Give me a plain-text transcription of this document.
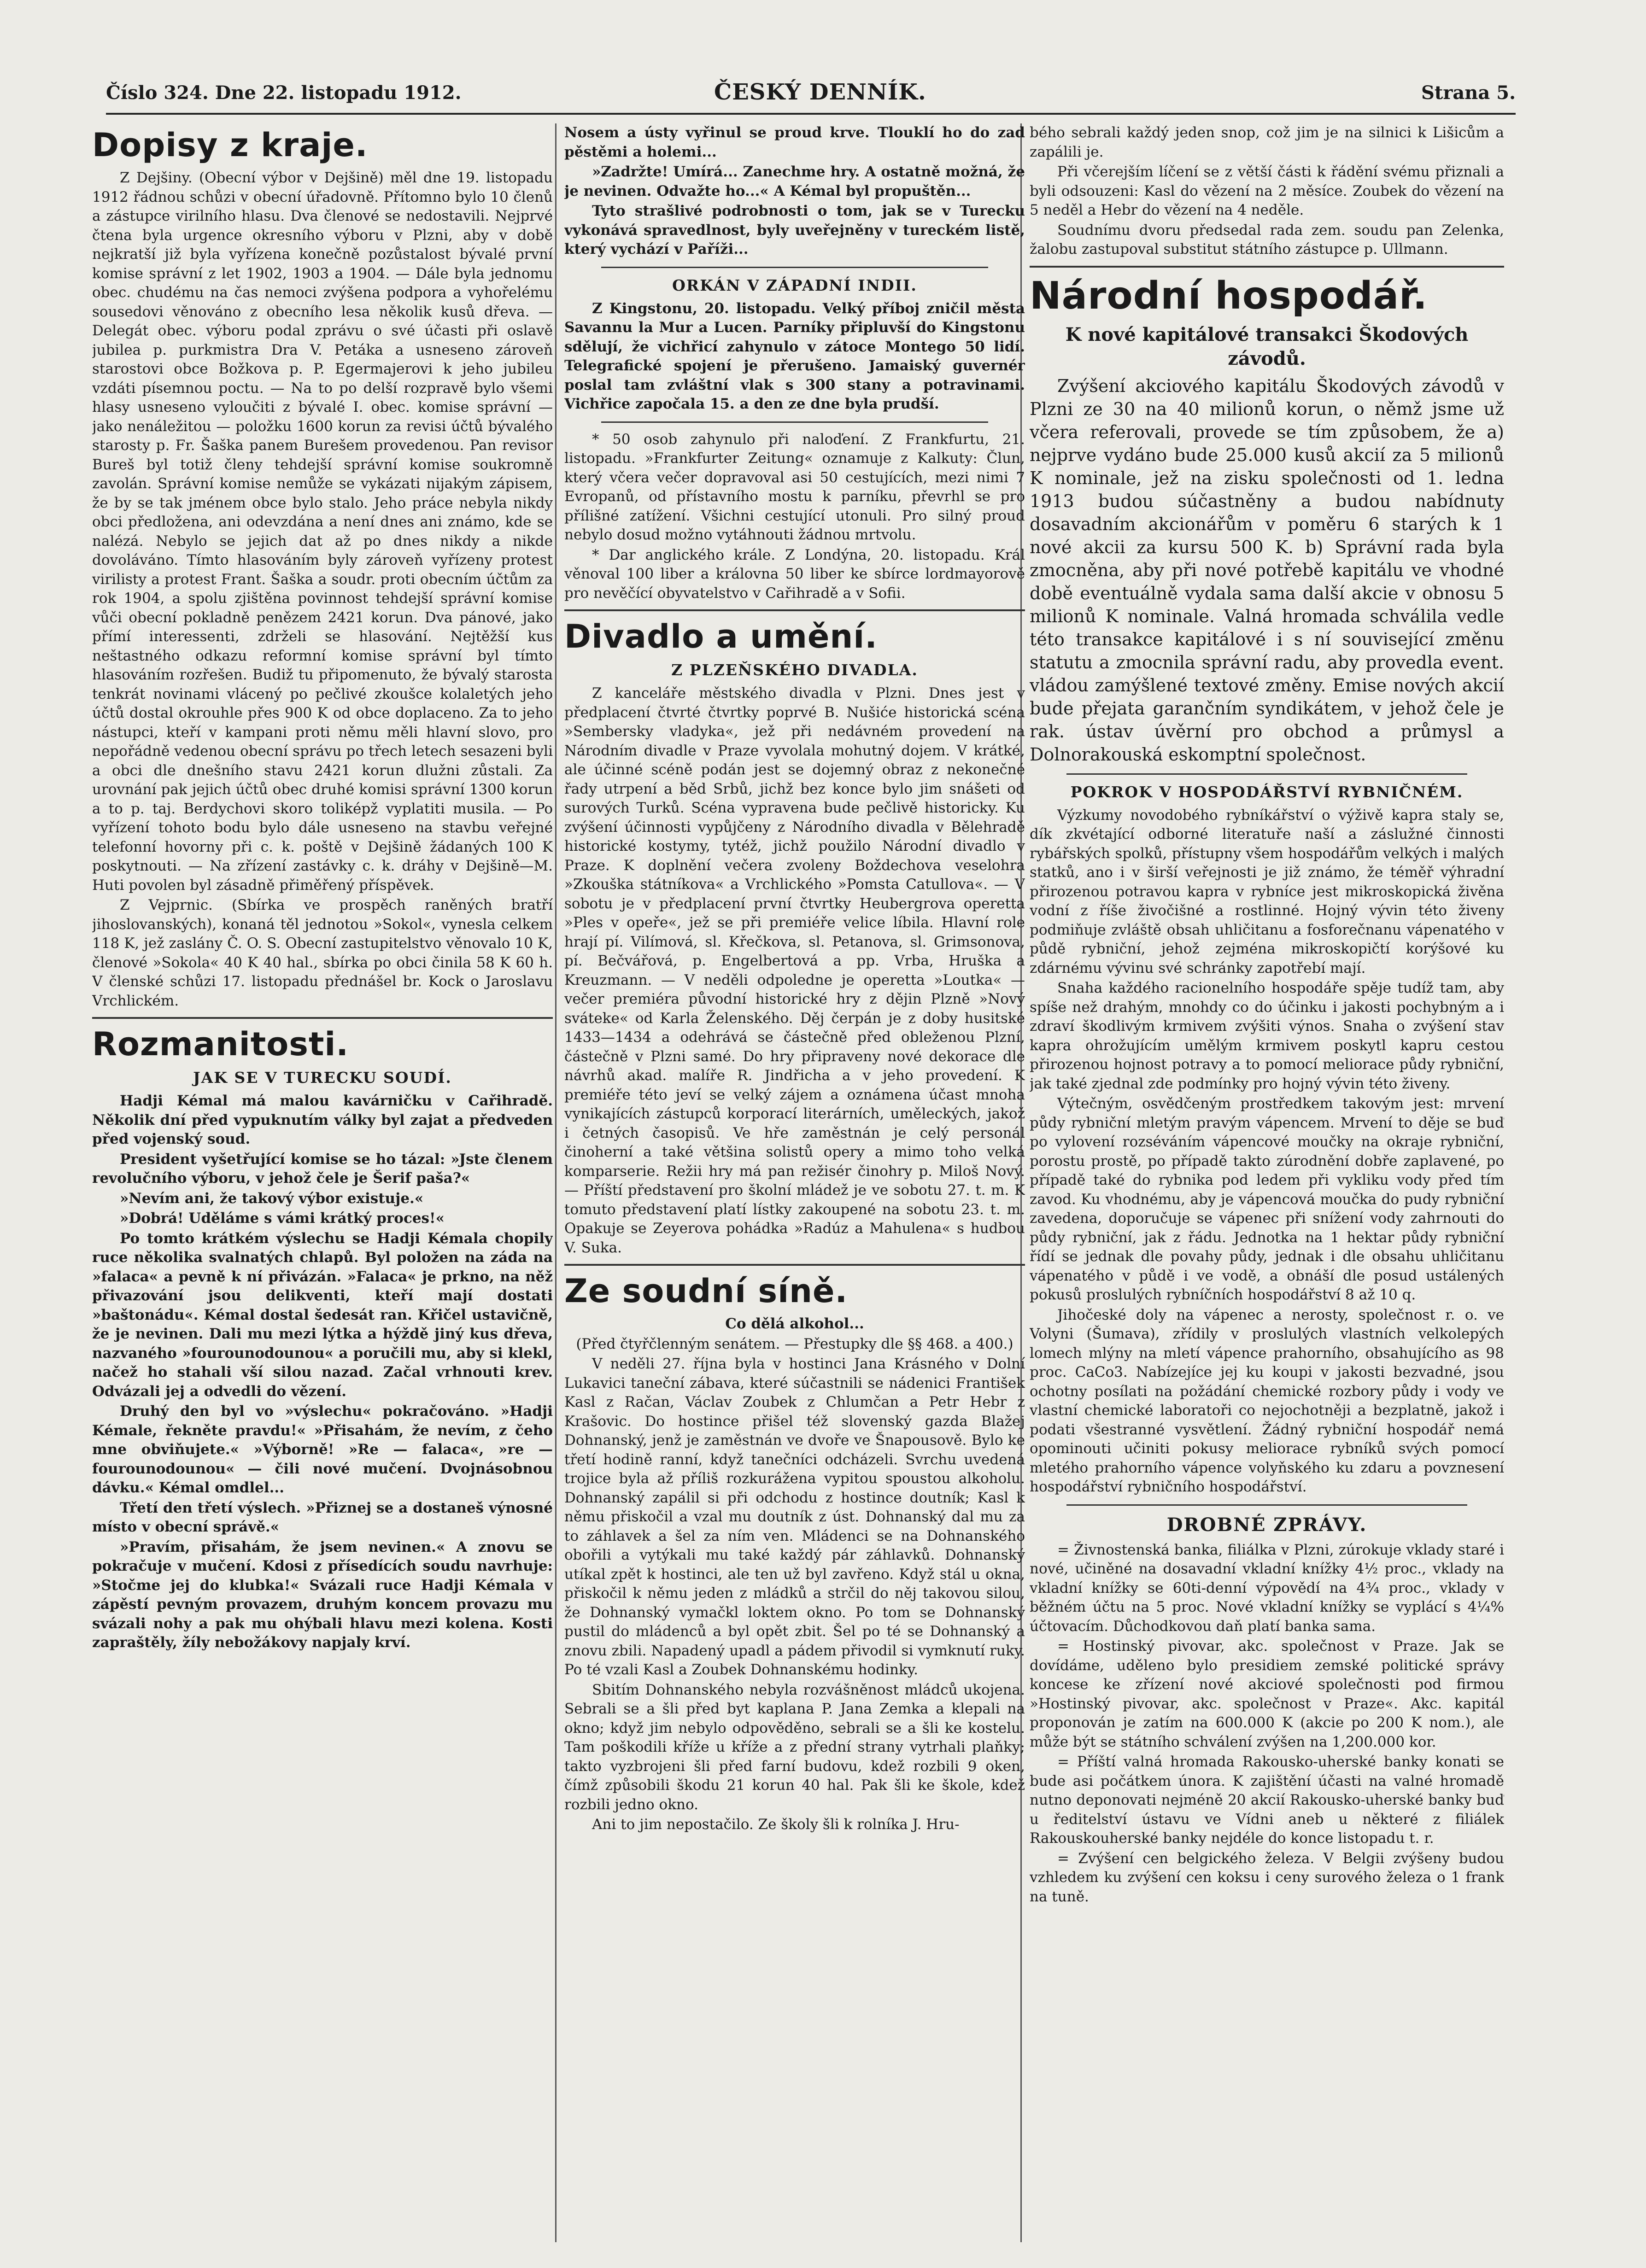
Číslo 324. Dne 22. listopadu 1912.	ČESKÝ DENNÍK.	Strana 5.
Dopisy z kraje.

Z Dejšiny. (Obecní výbor v Dejšině) měl dne 19. listopadu 1912 řádnou schůzi v obecní úřadovně. Přítomno bylo 10 členů a zástupce virilního hlasu. Dva členové se nedostavili. Nejprvé čtena byla urgence okresního výboru v Plzni, aby v době nejkratší již byla vyřízena konečně pozůstalost bývalé první komise správní z let 1902, 1903 a 1904. — Dále byla jednomu obec. chudému na čas nemoci zvýšena podpora a vyhořelému sousedovi věnováno z obecního lesa několik kusů dřeva. — Delegát obec. výboru podal zprávu o své účasti při oslavě jubilea p. purkmistra Dra V. Petáka a usneseno zároveň starostovi obce Božkova p. P. Egermajerovi k jeho jubileu vzdáti písemnou poctu. — Na to po delší rozpravě bylo všemi hlasy usneseno vyloučiti z bývalé I. obec. komise správní — jako nenáležitou — položku 1600 korun za revisi účtů bývalého starosty p. Fr. Šaška panem Burešem provedenou. Pan revisor Bureš byl totiž členy tehdejší správní komise soukromně zavolán. Správní komise nemůže se vykázati nijakým zápisem, že by se tak jménem obce bylo stalo. Jeho práce nebyla nikdy obci předložena, ani odevzdána a není dnes ani známo, kde se nalézá. Nebylo se jejich dat až po dnes nikdy a nikde dovoláváno. Tímto hlasováním byly zároveň vyřízeny protest virilisty a protest Frant. Šaška a soudr. proti obecním účtům za rok 1904, a spolu zjištěna povinnost tehdejší správní komise vůči obecní pokladně penězem 2421 korun. Dva pánové, jako přímí interessenti, zdrželi se hlasování. Nejtěžší kus neštastného odkazu reformní komise správní byl tímto hlasováním rozřešen. Budiž tu připomenuto, že bývalý starosta tenkrát novinami vlácený po pečlivé zkoušce kolaletých jeho účtů dostal okrouhle přes 900 K od obce doplaceno. Za to jeho nástupci, kteří v kampani proti němu měli hlavní slovo, pro nepořádně vedenou obecní správu po třech letech sesazeni byli a obci dle dnešního stavu 2421 korun dlužni zůstali. Za urovnání pak jejich účtů obec druhé komisi správní 1300 korun a to p. taj. Berdychovi skoro toliképž vyplatiti musila. — Po vyřízení tohoto bodu bylo dále usneseno na stavbu veřejné telefonní hovorny při c. k. poště v Dejšině žádaných 100 K poskytnouti. — Na zřízení zastávky c. k. dráhy v Dejšině—M. Huti povolen byl zásadně přiměřený příspěvek.

Z Vejprnic. (Sbírka ve prospěch raněných bratří jihoslovanských), konaná těl jednotou »Sokol«, vynesla celkem 118 K, jež zaslány Č. O. S. Obecní zastupitelstvo věnovalo 10 K, členové »Sokola« 40 K 40 hal., sbírka po obci činila 58 K 60 h. V členské schůzi 17. listopadu přednášel br. Kock o Jaroslavu Vrchlickém.

Rozmanitosti.
JAK SE V TURECKU SOUDÍ.

Hadji Kémal má malou kavárničku v Cařihradě. Několik dní před vypuknutím války byl zajat a předveden před vojenský soud.

President vyšetřující komise se ho tázal: »Jste členem revolučního výboru, v jehož čele je Šerif paša?«

»Nevím ani, že takový výbor existuje.«

»Dobrá! Uděláme s vámi krátký proces!«

Po tomto krátkém výslechu se Hadji Kémala chopily ruce několika svalnatých chlapů. Byl položen na záda na »falaca« a pevně k ní přivázán. »Falaca« je prkno, na něž přivazování jsou delikventi, kteří mají dostati »baštonádu«. Kémal dostal šedesát ran. Křičel ustavičně, že je nevinen. Dali mu mezi lýtka a hýždě jiný kus dřeva, nazvaného »fourounodounou« a poručili mu, aby si klekl, načež ho stahali vší silou nazad. Začal vrhnouti krev. Odvázali jej a odvedli do vězení.

Druhý den byl vo »výslechu« pokračováno. »Hadji Kémale, řekněte pravdu!« »Přisahám, že nevím, z čeho mne obviňujete.« »Výborně! »Re — falaca«, »re — fourounodounou« — čili nové mučení. Dvojnásobnou dávku.« Kémal omdlel...

Třetí den třetí výslech. »Přiznej se a dostaneš výnosné místo v obecní správě.«

»Pravím, přisahám, že jsem nevinen.« A znovu se pokračuje v mučení. Kdosi z přísedících soudu navrhuje: »Stočme jej do klubka!« Svázali ruce Hadji Kémala v zápěstí pevným provazem, druhým koncem provazu mu svázali nohy a pak mu ohýbali hlavu mezi kolena. Kosti zapraštěly, žíly nebožákovy napjaly krví.

Nosem a ústy vyřinul se proud krve. Tlouklí ho do zad pěstěmi a holemi...

»Zadržte! Umírá... Zanechme hry. A ostatně možná, že je nevinen. Odvažte ho...« A Kémal byl propuštěn...

Tyto strašlivé podrobnosti o tom, jak se v Turecku vykonává spravedlnost, byly uveřejněny v tureckém listě, který vychází v Paříži...

ORKÁN V ZÁPADNÍ INDII.

Z Kingstonu, 20. listopadu. Velký příboj zničil města Savannu la Mur a Lucen. Parníky připluvší do Kingstonu sdělují, že vichřicí zahynulo v zátoce Montego 50 lidí. Telegrafické spojení je přerušeno. Jamaiský guvernér poslal tam zvláštní vlak s 300 stany a potravinami. Vichřice započala 15. a den ze dne byla prudší.

* 50 osob zahynulo při naloďení. Z Frankfurtu, 21. listopadu. »Frankfurter Zeitung« oznamuje z Kalkuty: Člun, který včera večer dopravoval asi 50 cestujících, mezi nimi 7 Evropanů, od přístavního mostu k parníku, převrhl se pro přílišné zatížení. Všichni cestující utonuli. Pro silný proud nebylo dosud možno vytáhnouti žádnou mrtvolu.

* Dar anglického krále. Z Londýna, 20. listopadu. Král věnoval 100 liber a královna 50 liber ke sbírce lordmayorově pro nevěčící obyvatelstvo v Cařihradě a v Sofii.

Divadlo a umění.
Z PLZEŇSKÉHO DIVADLA.

Z kanceláře městského divadla v Plzni. Dnes jest v předplacení čtvrté čtvrtky poprvé B. Nušiće historická scéna »Sembersky vladyka«, jež při nedávném provedení na Národním divadle v Praze vyvolala mohutný dojem. V krátké, ale účinné scéně podán jest se dojemný obraz z nekonečné řady utrpení a běd Srbů, jichž bez konce bylo jim snášeti od surových Turků. Scéna vypravena bude pečlivě historicky. Ku zvýšení účinnosti vypůjčeny z Národního divadla v Bělehradě historické kostymy, tytéž, jichž použilo Národní divadlo v Praze. K doplnění večera zvoleny Boždechova veselohra »Zkouška státníkova« a Vrchlického »Pomsta Catullova«. — V sobotu je v předplacení první čtvrtky Heubergrova operetta »Ples v opeře«, jež se při premiéře velice líbila. Hlavní role hrají pí. Vilímová, sl. Křečkova, sl. Petanova, sl. Grimsonova, pí. Bečvářová, p. Engelbertová a pp. Vrba, Hruška a Kreuzmann. — V neděli odpoledne je operetta »Loutka« — večer premiéra původní historické hry z dějin Plzně »Nový sváteke« od Karla Želenského. Děj čerpán je z doby husitské 1433—1434 a odehrává se částečně před obleženou Plzní, částečně v Plzni samé. Do hry připraveny nové dekorace dle návrhů akad. malíře R. Jindřicha a v jeho provedení. K premiéře této jeví se velký zájem a oznámena účast mnoha vynikajících zástupců korporací literárních, uměleckých, jakož i četných časopisů. Ve hře zaměstnán je celý personál činoherní a také většina solistů opery a mimo toho velká komparserie. Režii hry má pan režisér činohry p. Miloš Nový. — Příští představení pro školní mládež je ve sobotu 27. t. m. K tomuto představení platí lístky zakoupené na sobotu 23. t. m. Opakuje se Zeyerova pohádka »Radúz a Mahulena« s hudbou V. Suka.

Ze soudní síně.
Co dělá alkohol...
(Před čtyřčlenným senátem. — Přestupky dle §§ 468. a 400.)

V neděli 27. října byla v hostinci Jana Krásného v Dolní Lukavici taneční zábava, které súčastnili se nádenici František Kasl z Račan, Václav Zoubek z Chlumčan a Petr Hebr z Krašovic. Do hostince přišel též slovenský gazda Blažej Dohnanský, jenž je zaměstnán ve dvoře ve Šnapousově. Bylo ke třetí hodině ranní, když tanečníci odcházeli. Svrchu uvedená trojice byla až příliš rozkurážena vypitou spoustou alkoholu. Dohnanský zapálil si při odchodu z hostince doutník; Kasl k němu přiskočil a vzal mu doutník z úst. Dohnanský dal mu za to záhlavek a šel za ním ven. Mládenci se na Dohnanského obořili a vytýkali mu také každý pár záhlavků. Dohnanský utíkal zpět k hostinci, ale ten už byl zavřeno. Když stál u okna, přiskočil k němu jeden z mládků a strčil do něj takovou silou, že Dohnanský vymačkl loktem okno. Po tom se Dohnanský pustil do mládenců a byl opět zbit. Šel po té se Dohnanský a znovu zbili. Napadený upadl a pádem přivodil si vymknutí ruky. Po té vzali Kasl a Zoubek Dohnanskému hodinky.

Sbitím Dohnanského nebyla rozvášněnost mládců ukojena. Sebrali se a šli před byt kaplana P. Jana Zemka a klepali na okno; když jim nebylo odpověděno, sebrali se a šli ke kostelu. Tam poškodili kříže u kříže a z přední strany vytrhali plaňky; takto vyzbrojeni šli před farní budovu, kdež rozbili 9 oken, čímž způsobili škodu 21 korun 40 hal. Pak šli ke škole, kdež rozbili jedno okno.

Ani to jim nepostačilo. Ze školy šli k rolníka J. Hru-

bého sebrali každý jeden snop, což jim je na silnici k Lišicům a zapálili je.

Při včerejším líčení se z větší části k řádění svému přiznali a byli odsouzeni: Kasl do vězení na 2 měsíce. Zoubek do vězení na 5 neděl a Hebr do vězení na 4 neděle.

Soudnímu dvoru předsedal rada zem. soudu pan Zelenka, žalobu zastupoval substitut státního zástupce p. Ullmann.

Národní hospodář.
K nové kapitálové transakci Škodových závodů.

Zvýšení akciového kapitálu Škodových závodů v Plzni ze 30 na 40 milionů korun, o němž jsme už včera referovali, provede se tím způsobem, že a) nejprve vydáno bude 25.000 kusů akcií za 5 milionů K nominale, jež na zisku společnosti od 1. ledna 1913 budou súčastněny a budou nabídnuty dosavadním akcionářům v poměru 6 starých k 1 nové akcii za kursu 500 K. b) Správní rada byla zmocněna, aby při nové potřebě kapitálu ve vhodné době eventuálně vydala sama další akcie v obnosu 5 milionů K nominale. Valná hromada schválila vedle této transakce kapitálové i s ní související změnu statutu a zmocnila správní radu, aby provedla event. vládou zamýšlené textové změny. Emise nových akcií bude přejata garančním syndikátem, v jehož čele je rak. ústav úvěrní pro obchod a průmysl a Dolnorakouská eskomptní společnost.

POKROK V HOSPODÁŘSTVÍ RYBNIČNÉM.

Výzkumy novodobého rybníkářství o výživě kapra staly se, dík zkvétající odborné literatuře naší a záslužné činnosti rybářských spolků, přístupny všem hospodářům velkých i malých statků, ano i v širší veřejnosti je již známo, že téměř výhradní přirozenou potravou kapra v rybníce jest mikroskopická živěna vodní z říše živočišné a rostlinné. Hojný vývin této živeny podmiňuje zvláště obsah uhličitanu a fosforečnanu vápenatého v půdě rybniční, jehož zejména mikroskopičtí korýšové ku zdárnému vývinu své schránky zapotřebí mají.

Snaha každého racionelního hospodáře spěje tudíž tam, aby spíše než drahým, mnohdy co do účinku i jakosti pochybným a i zdraví škodlivým krmivem zvýšiti výnos. Snaha o zvýšení stav kapra ohrožujícím umělým krmivem poskytl kapru cestou přirozenou hojnost potravy a to pomocí meliorace půdy rybniční, jak také zjednal zde podmínky pro hojný vývin této živeny.

Výtečným, osvědčeným prostředkem takovým jest: mrvení půdy rybniční mletým pravým vápencem. Mrvení to děje se buď po vylovení rozséváním vápencové moučky na okraje rybniční, porostu prostě, po případě takto zúrodnění dobře zaplavené, po případě také do rybnika pod ledem při vykliku vody před tím zavod. Ku vhodnému, aby je vápencová moučka do pudy rybniční zavedena, doporučuje se vápenec při snížení vody zahrnouti do půdy rybniční, jak z řádu. Jednotka na 1 hektar půdy rybniční řídí se jednak dle povahy půdy, jednak i dle obsahu uhličitanu vápenatého v půdě i ve vodě, a obnáší dle posud ustálených pokusů proslulých rybníčních hospodářství 8 až 10 q.

Jihočeské doly na vápenec a nerosty, společnost r. o. ve Volyni (Šumava), zřídily v proslulých vlastních velkolepých lomech mlýny na mletí vápence prahorního, obsahujícího as 98 proc. CaCo3. Nabízejíce jej ku koupi v jakosti bezvadné, jsou ochotny posílati na požádání chemické rozbory půdy i vody ve vlastní chemické laboratoři co nejochotněji a bezplatně, jakož i podati všestranné vysvětlení. Žádný rybniční hospodář nemá opominouti učiniti pokusy meliorace rybníků svých pomocí mletého prahorního vápence volyňského ku zdaru a povznesení hospodářství rybničního hospodářství.

DROBNÉ ZPRÁVY.

= Živnostenská banka, filiálka v Plzni, zúrokuje vklady staré i nové, učiněné na dosavadní vkladní knížky 4½ proc., vklady na vkladní knížky se 60ti-denní výpovědí na 4¾ proc., vklady v běžném účtu na 5 proc. Nové vkladní knížky se vyplácí s 4¼% účtovacím. Důchodkovou daň platí banka sama.

= Hostinský pivovar, akc. společnost v Praze. Jak se dovídáme, uděleno bylo presidiem zemské politické správy koncese ke zřízení nové akciové společnosti pod firmou »Hostinský pivovar, akc. společnost v Praze«. Akc. kapitál proponován je zatím na 600.000 K (akcie po 200 K nom.), ale může být se státního schválení zvýšen na 1,200.000 kor.

= Příští valná hromada Rakousko-uherské banky konati se bude asi počátkem února. K zajištění účasti na valné hromadě nutno deponovati nejméně 20 akcií Rakousko-uherské banky buď u ředitelství ústavu ve Vídni aneb u některé z filiálek Rakouskouherské banky nejdéle do konce listopadu t. r.

= Zvýšení cen belgického železa. V Belgii zvýšeny budou vzhledem ku zvýšení cen koksu i ceny surového železa o 1 frank na tuně.
